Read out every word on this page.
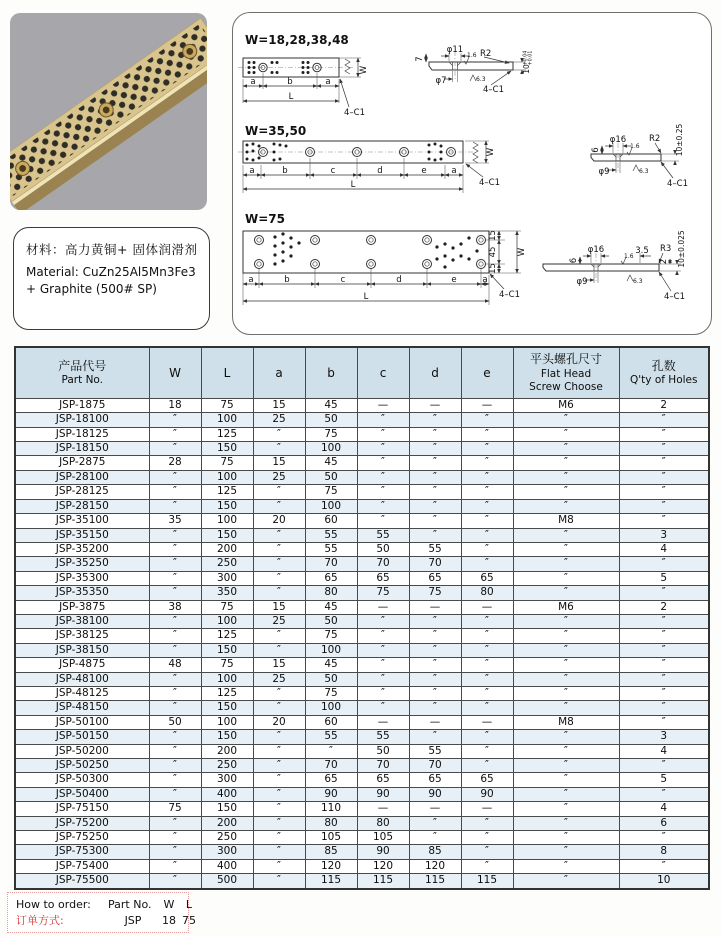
材料：高力黄铜+ 固体润滑剂
Material: CuZn25Al5Mn3Fe3
+ Graphite (500# SP)
W=18,28,38,48
W
a	b	a
L
4–C1
φ11
7	R2
1.6
6.3
φ7
10
+0.04 +0.01
4–C1
W=35,50
a	b	c	d	e	a
L
W
4–C1
φ16
6	1.6
R2 10±0.25
φ9	6.3
4–C1
W=75
15
45
15
W
4–C1
a	b	c	d	e	a
L
φ16
6
3.5 R3
1.6	10±0.025
2
φ9	6.3
4–C1
产品代号
Part No.
	W	L	a	b	c	d	e	
平头螺孔尺寸
Flat Head
Screw Choose

孔数
Q'ty of Holes

JSP-1875	18	75	15	45	—	—	—	M6	2
JSP-18100	″	100	25	50	″	″	″	″	″
JSP-18125	″	125	″	75	″	″	″	″	″
JSP-18150	″	150	″	100	″	″	″	″	″
JSP-2875	28	75	15	45	″	″	″	″	″
JSP-28100	″	100	25	50	″	″	″	″	″
JSP-28125	″	125	″	75	″	″	″	″	″
JSP-28150	″	150	″	100	″	″	″	″	″
JSP-35100	35	100	20	60	″	″	″	M8	″
JSP-35150	″	150	″	55	55	″	″	″	3
JSP-35200	″	200	″	55	50	55	″	″	4
JSP-35250	″	250	″	70	70	70	″	″	″
JSP-35300	″	300	″	65	65	65	65	″	5
JSP-35350	″	350	″	80	75	75	80	″	″
JSP-3875	38	75	15	45	—	—	—	M6	2
JSP-38100	″	100	25	50	″	″	″	″	″
JSP-38125	″	125	″	75	″	″	″	″	″
JSP-38150	″	150	″	100	″	″	″	″	″
JSP-4875	48	75	15	45	″	″	″	″	″
JSP-48100	″	100	25	50	″	″	″	″	″
JSP-48125	″	125	″	75	″	″	″	″	″
JSP-48150	″	150	″	100	″	″	″	″	″
JSP-50100	50	100	20	60	—	—	—	M8	″
JSP-50150	″	150	″	55	55	″	″	″	3
JSP-50200	″	200	″	″	50	55	″	″	4
JSP-50250	″	250	″	70	70	70	″	″	″
JSP-50300	″	300	″	65	65	65	65	″	5
JSP-50400	″	400	″	90	90	90	90	″	″
JSP-75150	75	150	″	110	—	—	—	″	4
JSP-75200	″	200	″	80	80	″	″	″	6
JSP-75250	″	250	″	105	105	″	″	″	″
JSP-75300	″	300	″	85	90	85	″	″	8
JSP-75400	″	400	″	120	120	120	″	″	″
JSP-75500	″	500	″	115	115	115	115	″	10
How to order:	Part No.	W	L
订单方式:	JSP	18 75
